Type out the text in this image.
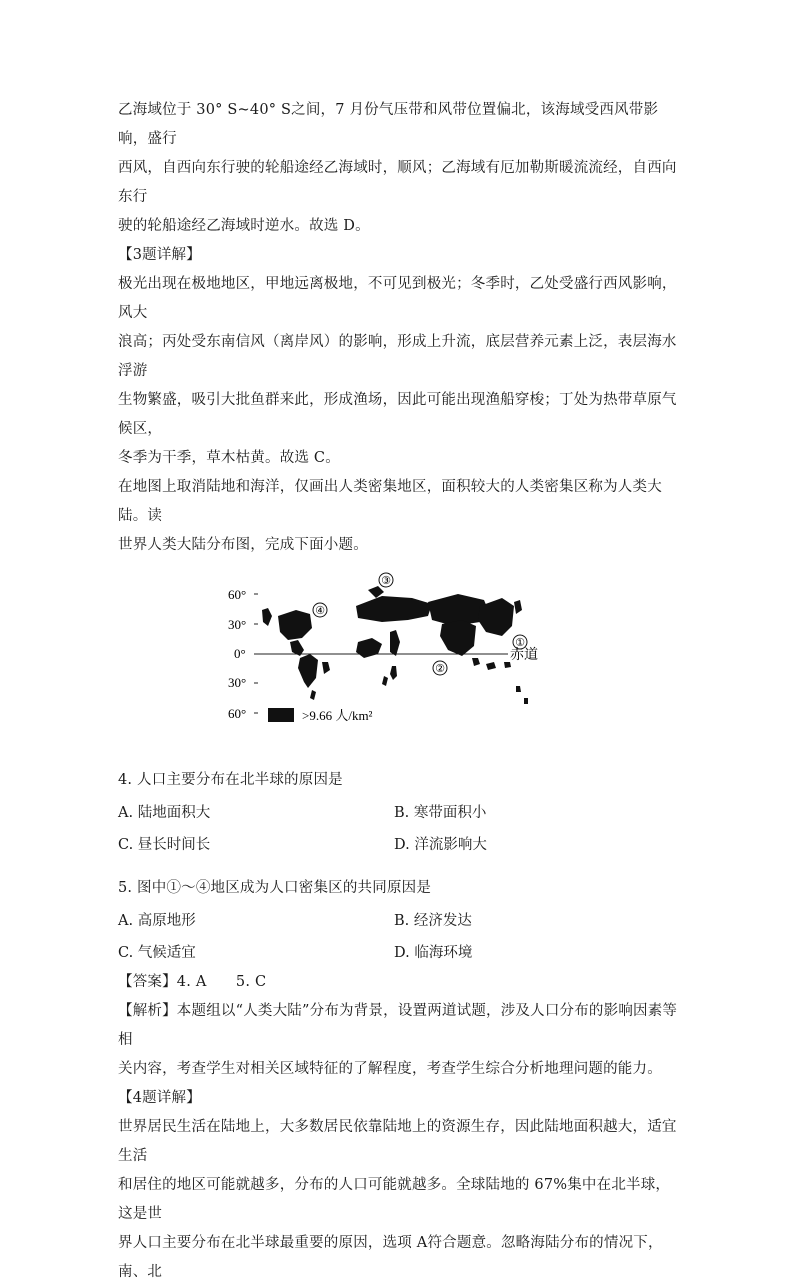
乙海域位于 30° S~40° S之间，7 月份气压带和风带位置偏北，该海域受西风带影响，盛行

西风，自西向东行驶的轮船途经乙海域时，顺风；乙海域有厄加勒斯暖流流经，自西向东行

驶的轮船途经乙海域时逆水。故选 D。

【3题详解】

极光出现在极地地区，甲地远离极地，不可见到极光；冬季时，乙处受盛行西风影响，风大

浪高；丙处受东南信风（离岸风）的影响，形成上升流，底层营养元素上泛，表层海水浮游

生物繁盛，吸引大批鱼群来此，形成渔场，因此可能出现渔船穿梭；丁处为热带草原气候区，

冬季为干季，草木枯黄。故选 C。

在地图上取消陆地和海洋，仅画出人类密集地区，面积较大的人类密集区称为人类大陆。读

世界人类大陆分布图，完成下面小题。

60°
30°
0°
30°
60°
赤道
④
③
②
①
>9.66 人/km²

4. 人口主要分布在北半球的原因是

A. 陆地面积大	B. 寒带面积小
C. 昼长时间长	D. 洋流影响大

5. 图中①～④地区成为人口密集区的共同原因是

A. 高原地形	B. 经济发达
C. 气候适宜	D. 临海环境

【答案】4. A　　5. C

【解析】本题组以“人类大陆”分布为背景，设置两道试题，涉及人口分布的影响因素等相

关内容，考查学生对相关区域特征的了解程度，考查学生综合分析地理问题的能力。

【4题详解】

世界居民生活在陆地上，大多数居民依靠陆地上的资源生存，因此陆地面积越大，适宜生活

和居住的地区可能就越多，分布的人口可能就越多。全球陆地的 67%集中在北半球，这是世

界人口主要分布在北半球最重要的原因，选项 A符合题意。忽略海陆分布的情况下，南、北
